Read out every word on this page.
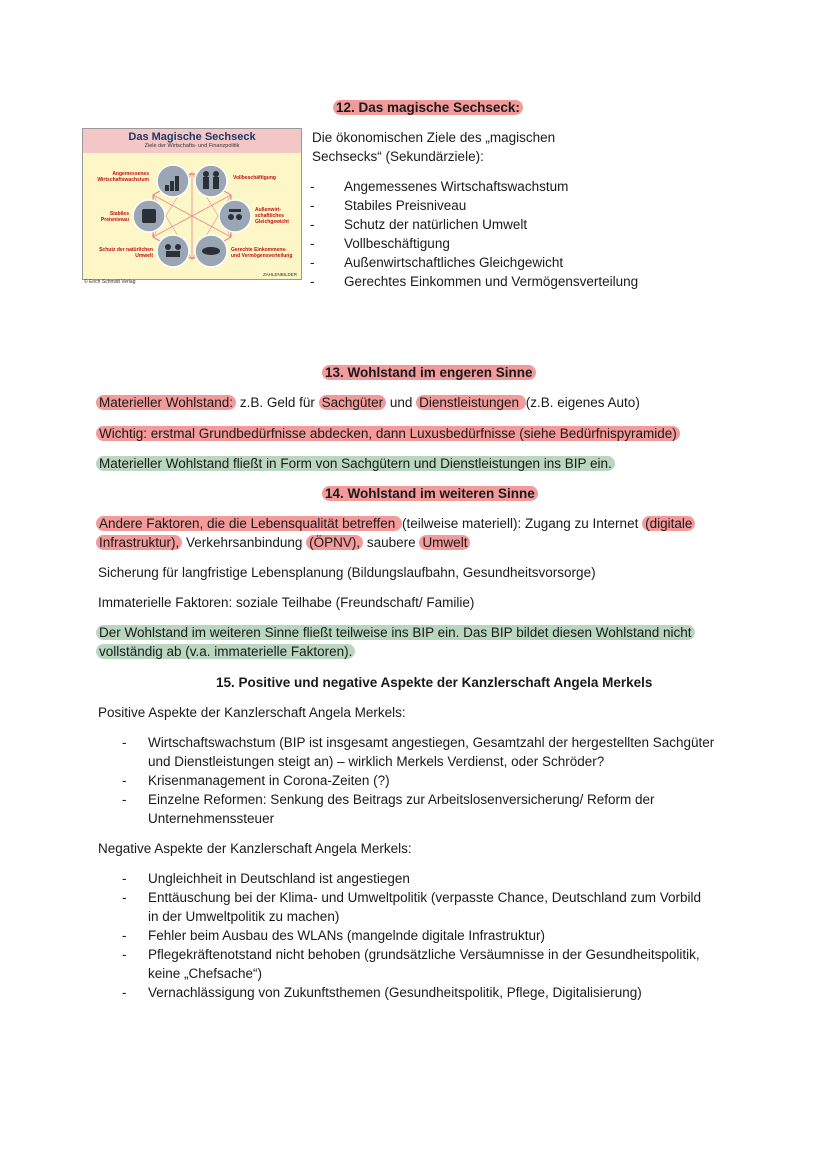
12. Das magische Sechseck:
Das Magische Sechseck
Ziele der Wirtschafts- und Finanzpolitik
Angemessenes Wirtschaftswachstum	Vollbeschäftigung
Stabiles Preisniveau
Außenwirt-schaftliches Gleichgewicht
Schutz der natürlichen Umwelt
Gerechte Einkommens- und Vermögensverteilung
ZAHLENBILDER
© Erich Schmidt Verlag
Die ökonomischen Ziele des „magischen
Sechsecks“ (Sekundärziele):
- Angemessenes Wirtschaftswachstum
- Stabiles Preisniveau
- Schutz der natürlichen Umwelt
- Vollbeschäftigung
- Außenwirtschaftliches Gleichgewicht
- Gerechtes Einkommen und Vermögensverteilung
13. Wohlstand im engeren Sinne
Materieller Wohlstand: z.B. Geld für Sachgüter und Dienstleistungen (z.B. eigenes Auto)
Wichtig: erstmal Grundbedürfnisse abdecken, dann Luxusbedürfnisse (siehe Bedürfnispyramide)
Materieller Wohlstand fließt in Form von Sachgütern und Dienstleistungen ins BIP ein.
14. Wohlstand im weiteren Sinne
Andere Faktoren, die die Lebensqualität betreffen (teilweise materiell): Zugang zu Internet (digitale
Infrastruktur), Verkehrsanbindung (ÖPNV), saubere Umwelt
Sicherung für langfristige Lebensplanung (Bildungslaufbahn, Gesundheitsvorsorge)
Immaterielle Faktoren: soziale Teilhabe (Freundschaft/ Familie)
Der Wohlstand im weiteren Sinne fließt teilweise ins BIP ein. Das BIP bildet diesen Wohlstand nicht
vollständig ab (v.a. immaterielle Faktoren).
15. Positive und negative Aspekte der Kanzlerschaft Angela Merkels
Positive Aspekte der Kanzlerschaft Angela Merkels:
- Wirtschaftswachstum (BIP ist insgesamt angestiegen, Gesamtzahl der hergestellten Sachgüter
und Dienstleistungen steigt an) – wirklich Merkels Verdienst, oder Schröder?
- Krisenmanagement in Corona-Zeiten (?)
- Einzelne Reformen: Senkung des Beitrags zur Arbeitslosenversicherung/ Reform der
Unternehmenssteuer
Negative Aspekte der Kanzlerschaft Angela Merkels:
- Ungleichheit in Deutschland ist angestiegen
- Enttäuschung bei der Klima- und Umweltpolitik (verpasste Chance, Deutschland zum Vorbild
in der Umweltpolitik zu machen)
- Fehler beim Ausbau des WLANs (mangelnde digitale Infrastruktur)
- Pflegekräftenotstand nicht behoben (grundsätzliche Versäumnisse in der Gesundheitspolitik,
keine „Chefsache“)
- Vernachlässigung von Zukunftsthemen (Gesundheitspolitik, Pflege, Digitalisierung)
